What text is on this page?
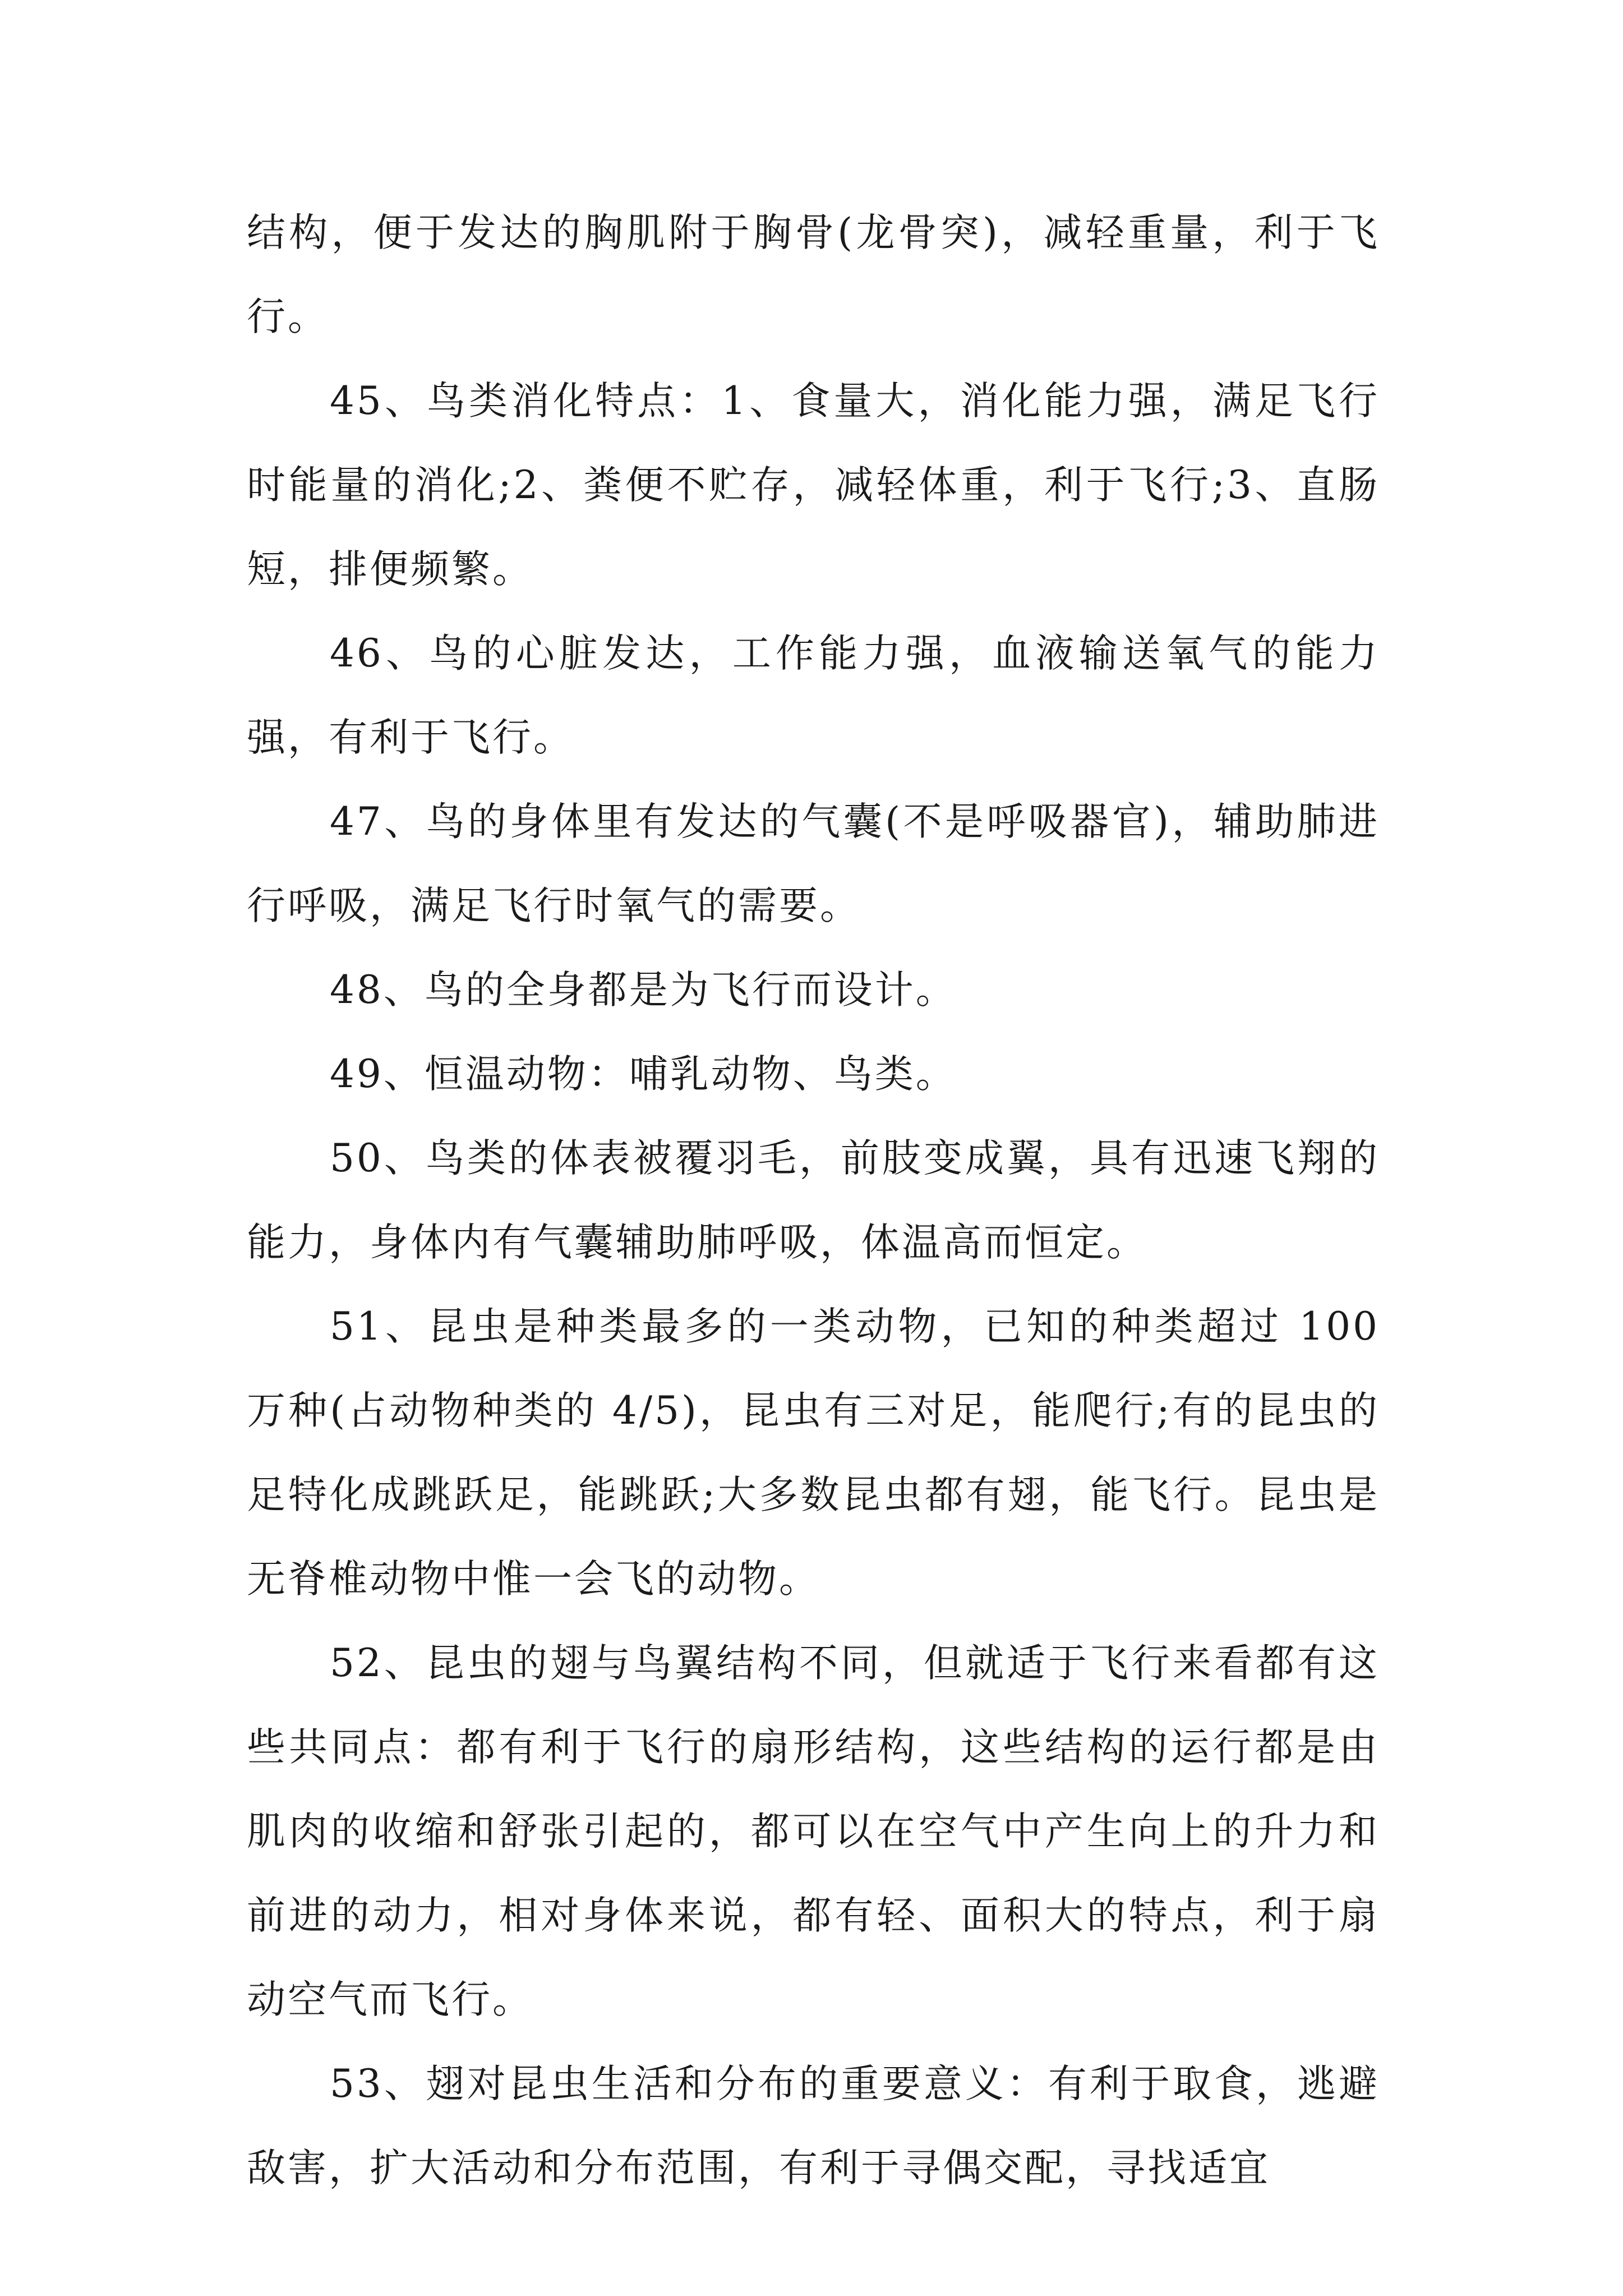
结构，便于发达的胸肌附于胸骨(龙骨突)，减轻重量，利于飞行。

45、鸟类消化特点：1、食量大，消化能力强，满足飞行时能量的消化;2、粪便不贮存，减轻体重，利于飞行;3、直肠短，排便频繁。

46、鸟的心脏发达，工作能力强，血液输送氧气的能力强，有利于飞行。

47、鸟的身体里有发达的气囊(不是呼吸器官)，辅助肺进行呼吸，满足飞行时氧气的需要。

48、鸟的全身都是为飞行而设计。

49、恒温动物：哺乳动物、鸟类。

50、鸟类的体表被覆羽毛，前肢变成翼，具有迅速飞翔的能力，身体内有气囊辅助肺呼吸，体温高而恒定。

51、昆虫是种类最多的一类动物，已知的种类超过 100 万种(占动物种类的 4/5)，昆虫有三对足，能爬行;有的昆虫的足特化成跳跃足，能跳跃;大多数昆虫都有翅，能飞行。昆虫是无脊椎动物中惟一会飞的动物。

52、昆虫的翅与鸟翼结构不同，但就适于飞行来看都有这些共同点：都有利于飞行的扇形结构，这些结构的运行都是由肌肉的收缩和舒张引起的，都可以在空气中产生向上的升力和前进的动力，相对身体来说，都有轻、面积大的特点，利于扇动空气而飞行。

53、翅对昆虫生活和分布的重要意义：有利于取食，逃避敌害，扩大活动和分布范围，有利于寻偶交配，寻找适宜
